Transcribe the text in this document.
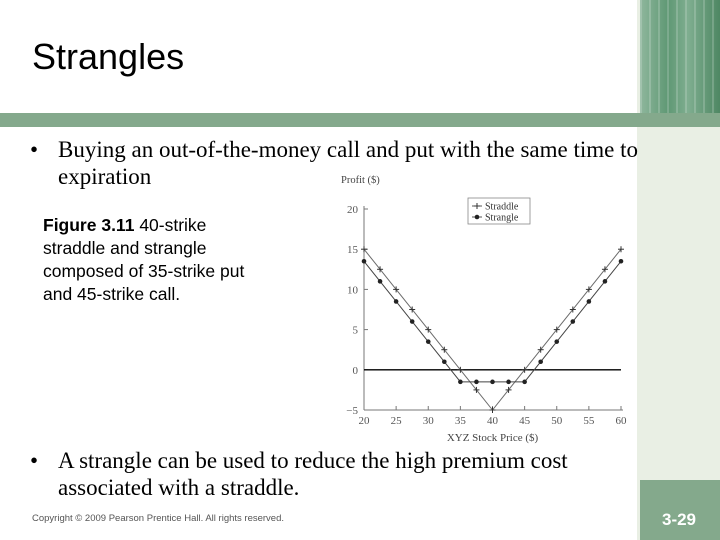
Strangles
• Buying an out-of-the-money call and put with the same time to expiration
Figure 3.11 40-strike straddle and strangle composed of 35-strike put and 45-strike call.
−5
0
5
10
15
20
20 25 30 35 40 45 50 55 60
Profit ($)
XYZ Stock Price ($)
Straddle
Strangle
• A strangle can be used to reduce the high premium cost associated with a straddle.
Copyright © 2009 Pearson Prentice Hall. All rights reserved.	3-29
